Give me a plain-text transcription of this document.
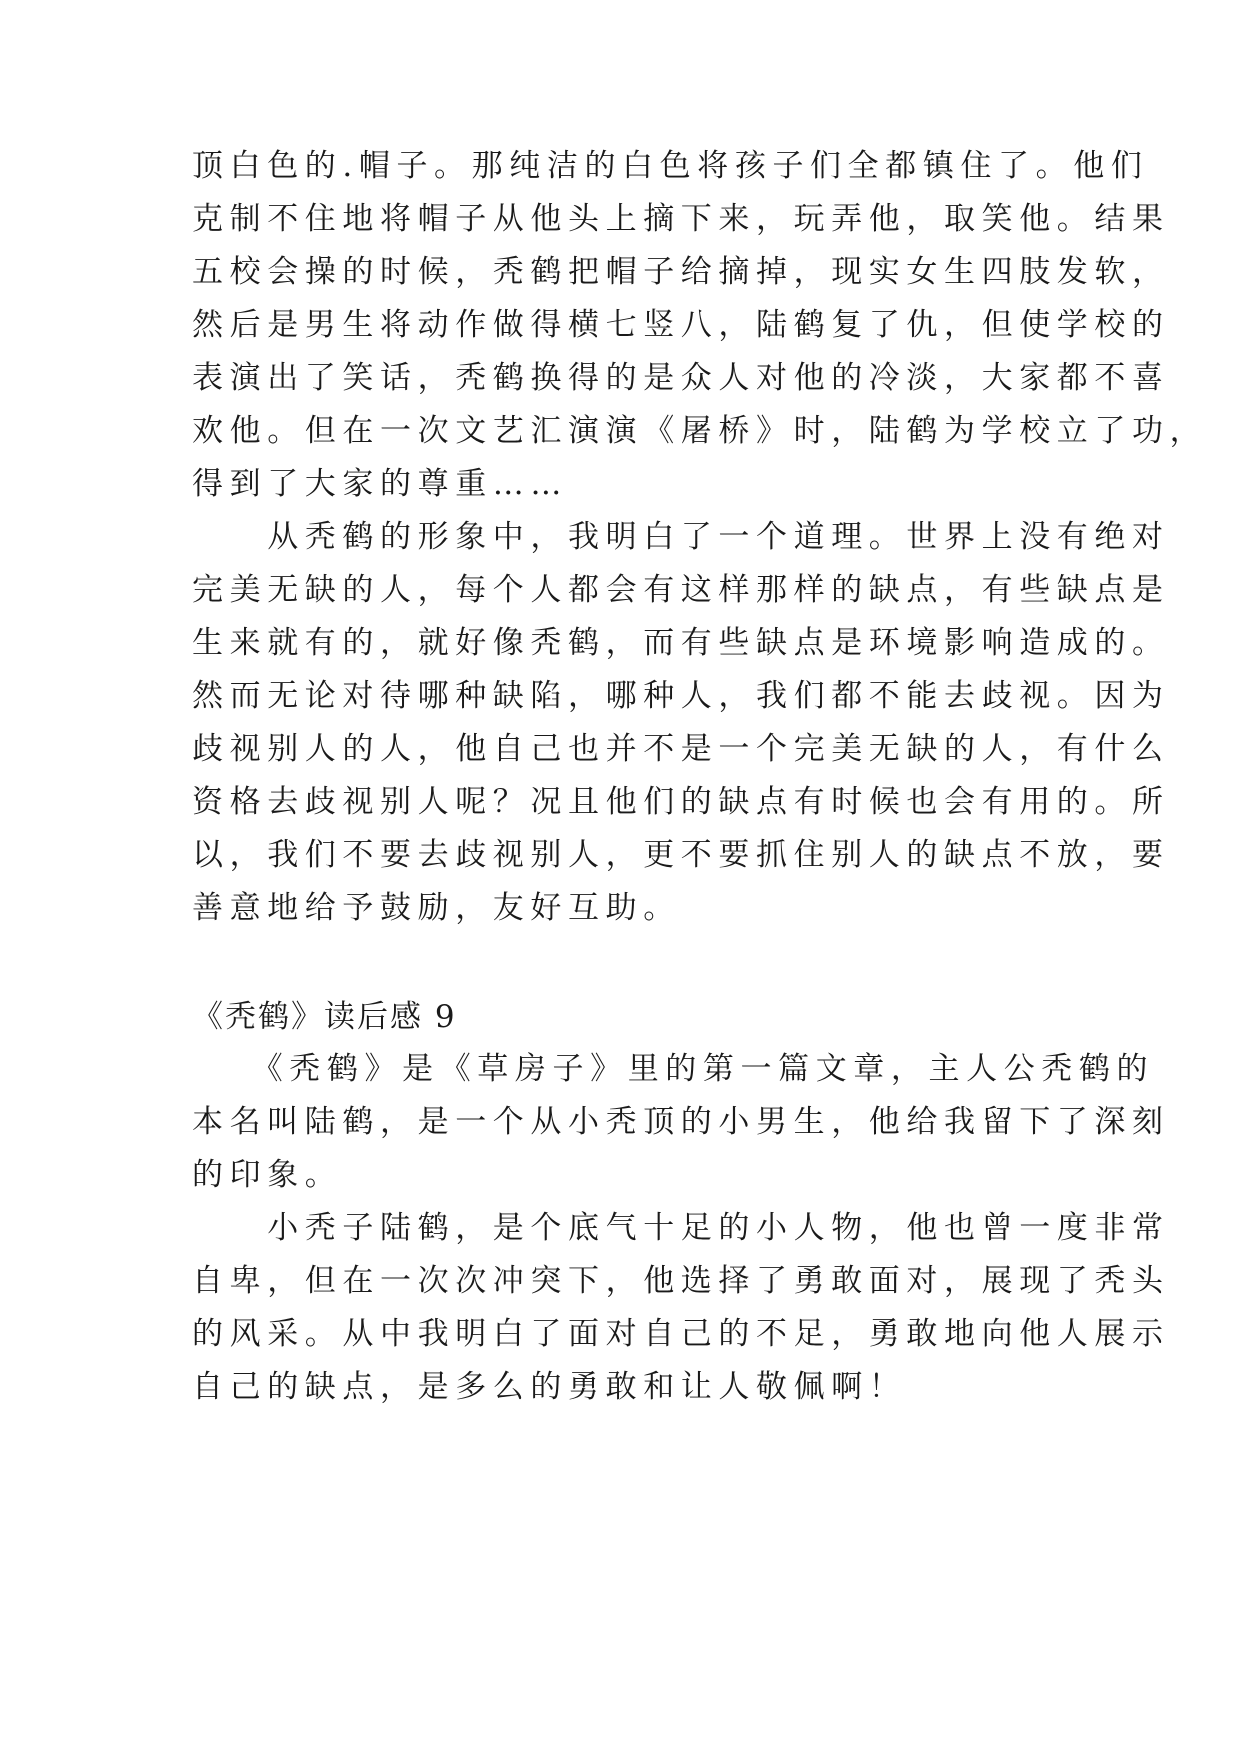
顶白色的.帽子。那纯洁的白色将孩子们全都镇住了。他们

克制不住地将帽子从他头上摘下来，玩弄他，取笑他。结果

五校会操的时候，秃鹤把帽子给摘掉，现实女生四肢发软，

然后是男生将动作做得横七竖八，陆鹤复了仇，但使学校的

表演出了笑话，秃鹤换得的是众人对他的冷淡，大家都不喜

欢他。但在一次文艺汇演演《屠桥》时，陆鹤为学校立了功，

得到了大家的尊重……

　　从秃鹤的形象中，我明白了一个道理。世界上没有绝对

完美无缺的人，每个人都会有这样那样的缺点，有些缺点是

生来就有的，就好像秃鹤，而有些缺点是环境影响造成的。

然而无论对待哪种缺陷，哪种人，我们都不能去歧视。因为

歧视别人的人，他自己也并不是一个完美无缺的人，有什么

资格去歧视别人呢？况且他们的缺点有时候也会有用的。所

以，我们不要去歧视别人，更不要抓住别人的缺点不放，要

善意地给予鼓励，友好互助。

《秃鹤》读后感 9

　　《秃鹤》是《草房子》里的第一篇文章，主人公秃鹤的

本名叫陆鹤，是一个从小秃顶的小男生，他给我留下了深刻

的印象。

　　小秃子陆鹤，是个底气十足的小人物，他也曾一度非常

自卑，但在一次次冲突下，他选择了勇敢面对，展现了秃头

的风采。从中我明白了面对自己的不足，勇敢地向他人展示

自己的缺点，是多么的勇敢和让人敬佩啊！
